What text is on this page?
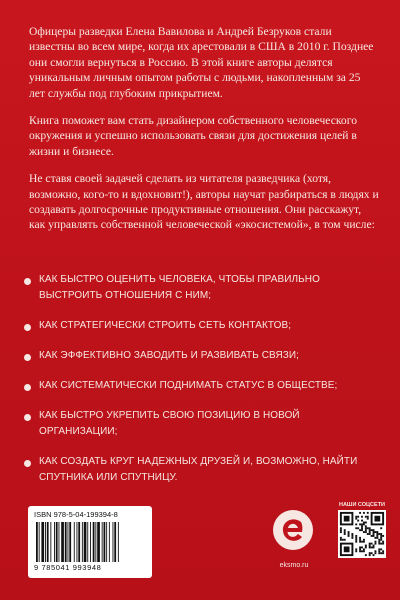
Офицеры разведки Елена Вавилова и Андрей Безруков стали известны во всем мире, когда их арестовали в США в 2010 г. Позднее они смогли вернуться в Россию. В этой книге авторы делятся уникальным личным опытом работы с людьми, накопленным за 25 лет службы под глубоким прикрытием.

Книга поможет вам стать дизайнером собственного человеческого окружения и успешно использовать связи для достижения целей в жизни и бизнесе.

Не ставя своей задачей сделать из читателя разведчика (хотя, возможно, кого-то и вдохновит!), авторы научат разбираться в людях и создавать долгосрочные продуктивные отношения. Они расскажут, как управлять собственной человеческой «экосистемой», в том числе:

КАК БЫСТРО ОЦЕНИТЬ ЧЕЛОВЕКА, ЧТОБЫ ПРАВИЛЬНО ВЫСТРОИТЬ ОТНОШЕНИЯ С НИМ;
КАК СТРАТЕГИЧЕСКИ СТРОИТЬ СЕТЬ КОНТАКТОВ;
КАК ЭФФЕКТИВНО ЗАВОДИТЬ И РАЗВИВАТЬ СВЯЗИ;
КАК СИСТЕМАТИЧЕСКИ ПОДНИМАТЬ СТАТУС В ОБЩЕСТВЕ;
КАК БЫСТРО УКРЕПИТЬ СВОЮ ПОЗИЦИЮ В НОВОЙ ОРГАНИЗАЦИИ;
КАК СОЗДАТЬ КРУГ НАДЕЖНЫХ ДРУЗЕЙ И, ВОЗМОЖНО, НАЙТИ СПУТНИКА ИЛИ СПУТНИЦУ.
ISBN 978-5-04-199394-8
9 785041 993948	eksmo.ru
НАШИ СОЦСЕТИ
